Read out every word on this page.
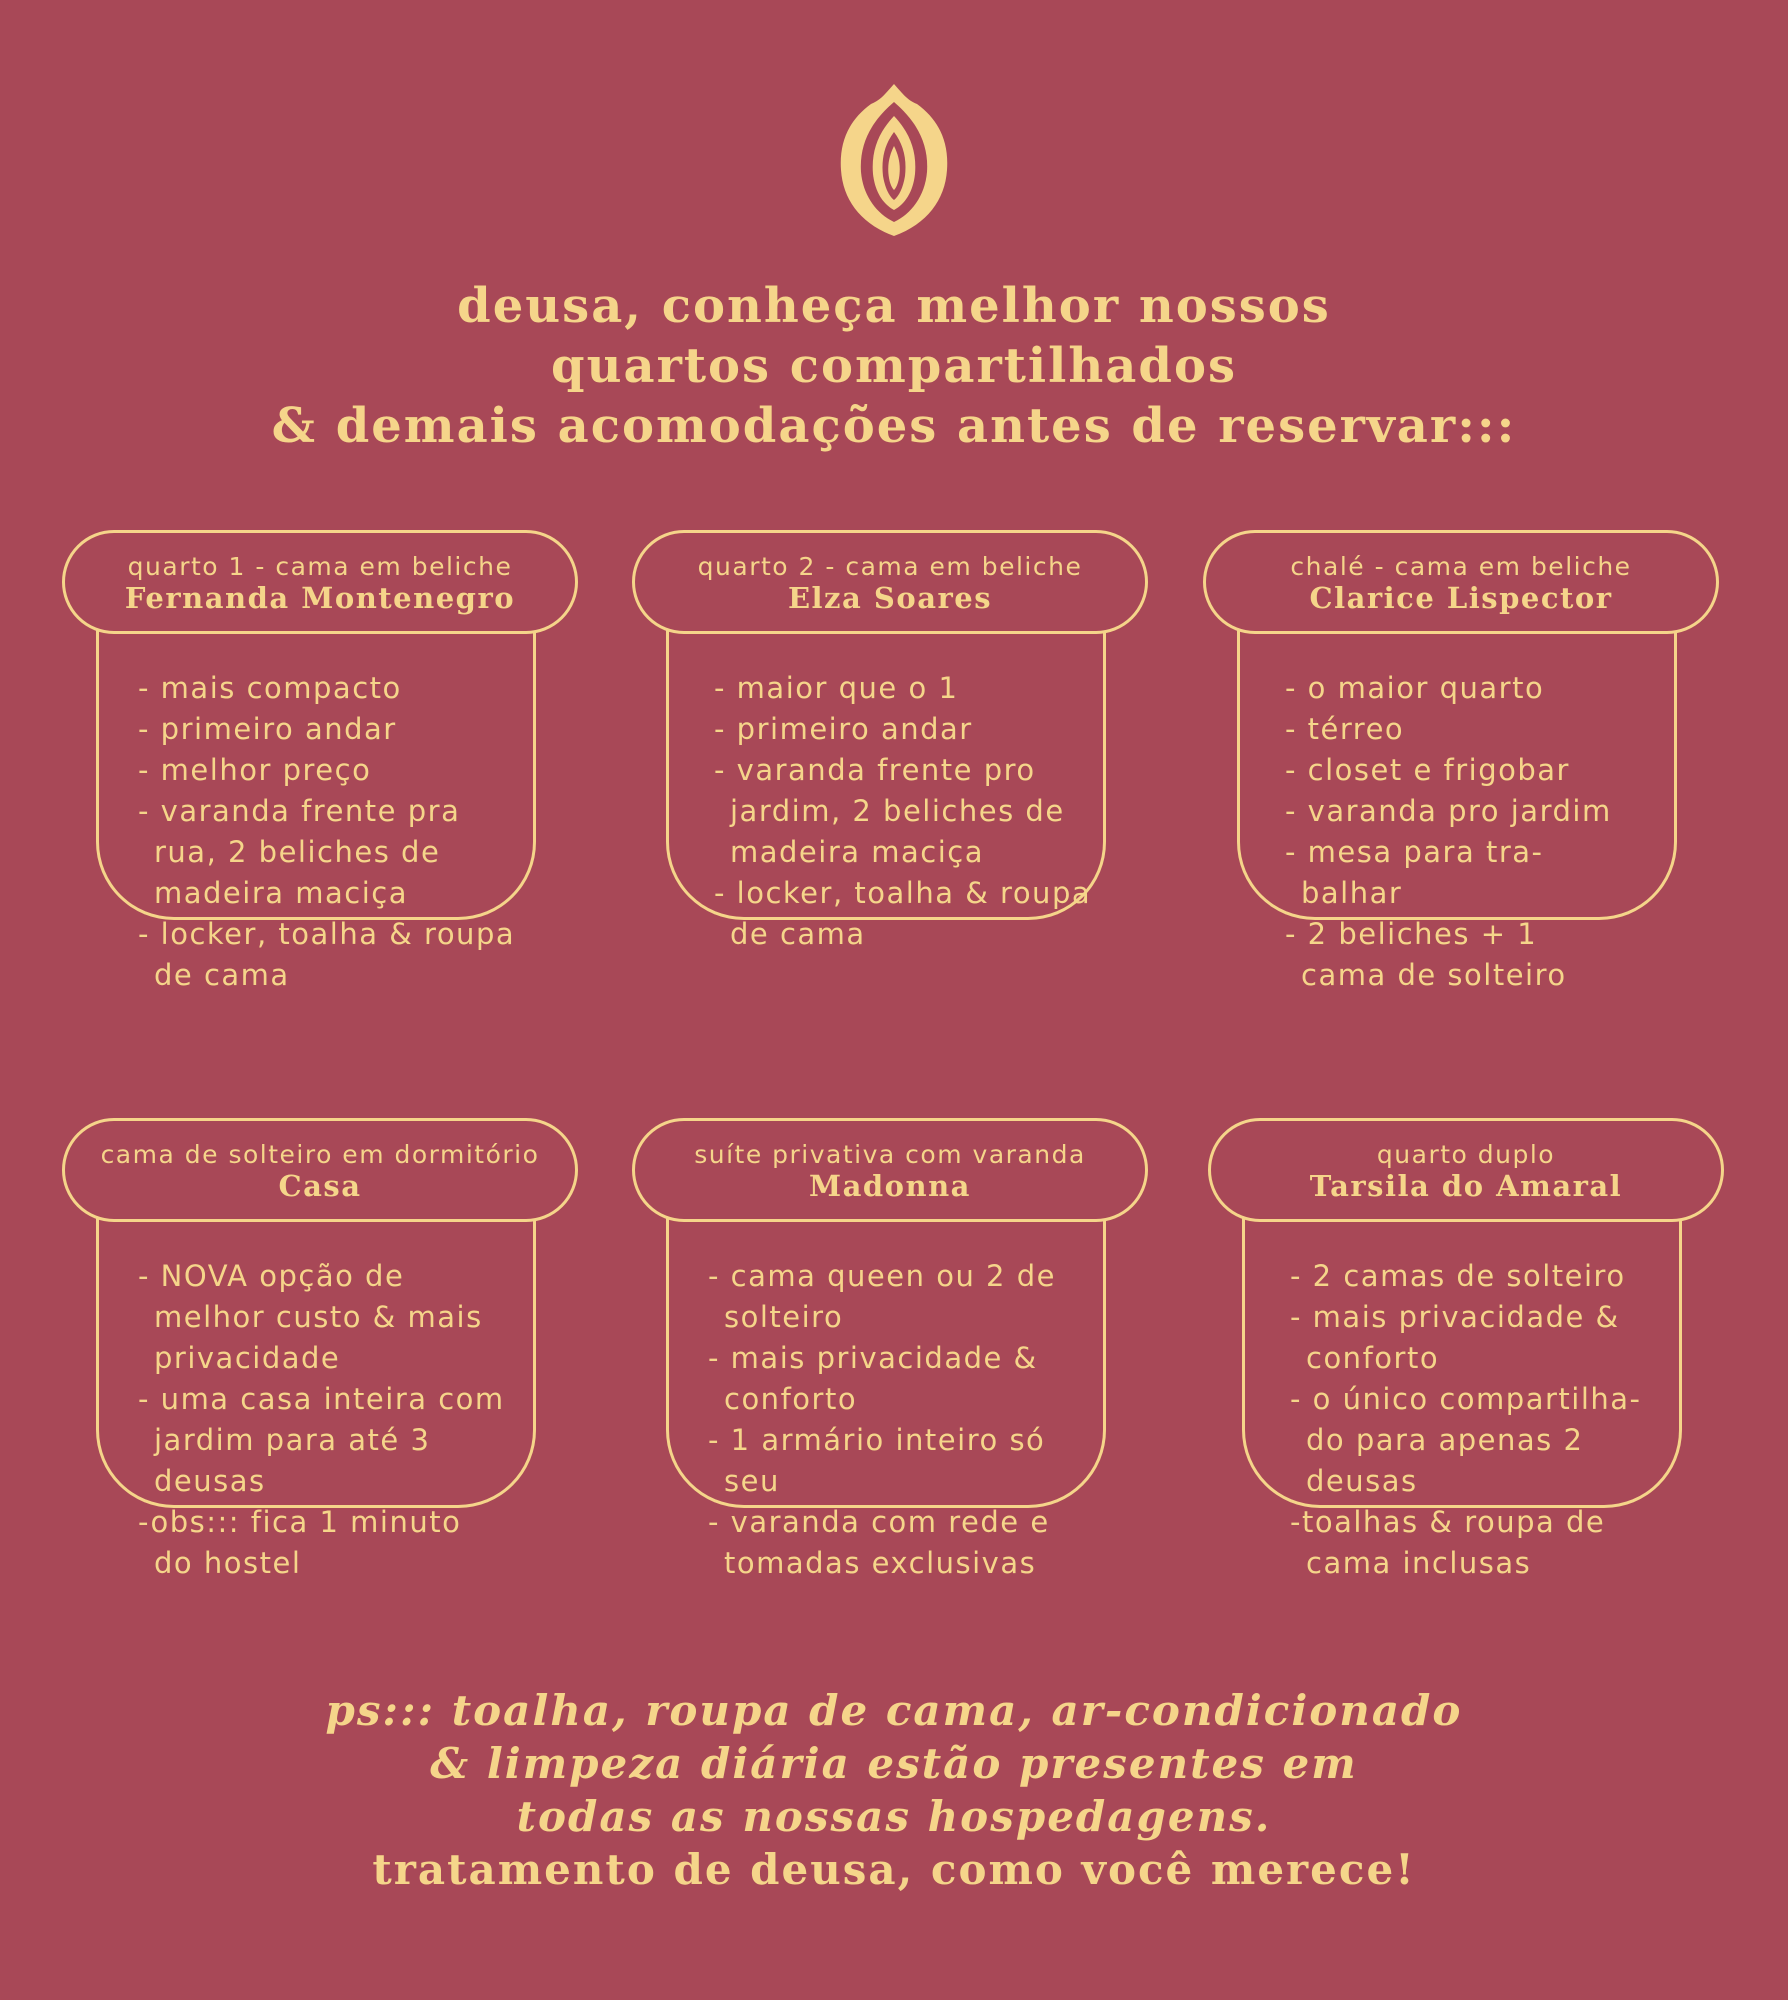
deusa, conheça melhor nossos
quartos compartilhados
& demais acomodações antes de reservar:::
quarto 1 - cama em beliche
Fernanda Montenegro
- mais compacto
- primeiro andar
- melhor preço
- varanda frente pra rua, 2 beliches de madeira maciça
- locker, toalha & roupa de cama
quarto 2 - cama em beliche
Elza Soares
- maior que o 1
- primeiro andar
- varanda frente pro jardim, 2 beliches de madeira maciça
- locker, toalha & roupa de cama
chalé - cama em beliche
Clarice Lispector
- o maior quarto
- térreo
- closet e frigobar
- varanda pro jardim
- mesa para tra- balhar
- 2 beliches + 1 cama de solteiro
cama de solteiro em dormitório
Casa
- NOVA opção de melhor custo & mais privacidade
- uma casa inteira com jardim para até 3 deusas
-obs::: fica 1 minuto do hostel
suíte privativa com varanda
Madonna
- cama queen ou 2 de solteiro
- mais privacidade & conforto
- 1 armário inteiro só seu
- varanda com rede e tomadas exclusivas
quarto duplo
Tarsila do Amaral
- 2 camas de solteiro
- mais privacidade & conforto
- o único compartilha- do para apenas 2 deusas
-toalhas & roupa de cama inclusas
ps::: toalha, roupa de cama, ar-condicionado
& limpeza diária estão presentes em
todas as nossas hospedagens.
tratamento de deusa, como você merece!
